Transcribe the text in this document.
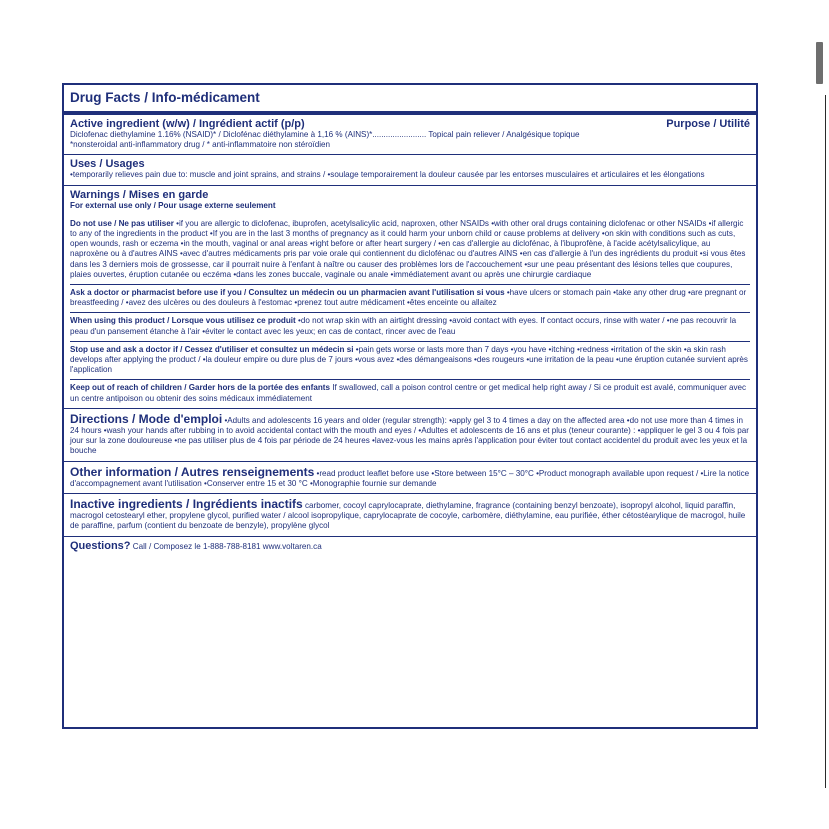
Drug Facts / Info-médicament
Active ingredient (w/w) / Ingrédient actif (p/p)	Purpose / Utilité
Diclofenac diethylamine 1.16% (NSAID)* / Diclofénac diéthylamine à 1,16 % (AINS)*........................ Topical pain reliever / Analgésique topique
*nonsteroidal anti-inflammatory drug / * anti-inflammatoire non stéroïdien
Uses / Usages
•temporarily relieves pain due to: muscle and joint sprains, and strains / •soulage temporairement la douleur causée par les entorses musculaires et articulaires et les élongations
Warnings / Mises en garde
For external use only / Pour usage externe seulement
Do not use / Ne pas utiliser •if you are allergic to diclofenac, ibuprofen, acetylsalicylic acid, naproxen, other NSAIDs •with other oral drugs containing diclofenac or other NSAIDs •if allergic to any of the ingredients in the product •If you are in the last 3 months of pregnancy as it could harm your unborn child or cause problems at delivery •on skin with conditions such as cuts, open wounds, rash or eczema •in the mouth, vaginal or anal areas •right before or after heart surgery / •en cas d'allergie au diclofénac, à l'ibuprofène, à l'acide acétylsalicylique, au naproxène ou à d'autres AINS •avec d'autres médicaments pris par voie orale qui contiennent du diclofénac ou d'autres AINS •en cas d'allergie à l'un des ingrédients du produit •si vous êtes dans les 3 derniers mois de grossesse, car il pourrait nuire à l'enfant à naître ou causer des problèmes lors de l'accouchement •sur une peau présentant des lésions telles que coupures, plaies ouvertes, éruption cutanée ou eczéma •dans les zones buccale, vaginale ou anale •immédiatement avant ou après une chirurgie cardiaque
Ask a doctor or pharmacist before use if you / Consultez un médecin ou un pharmacien avant l'utilisation si vous •have ulcers or stomach pain •take any other drug •are pregnant or breastfeeding / •avez des ulcères ou des douleurs à l'estomac •prenez tout autre médicament •êtes enceinte ou allaitez
When using this product / Lorsque vous utilisez ce produit •do not wrap skin with an airtight dressing •avoid contact with eyes. If contact occurs, rinse with water / •ne pas recouvrir la peau d'un pansement étanche à l'air •éviter le contact avec les yeux; en cas de contact, rincer avec de l'eau
Stop use and ask a doctor if / Cessez d'utiliser et consultez un médecin si •pain gets worse or lasts more than 7 days •you have •itching •redness •irritation of the skin •a skin rash develops after applying the product / •la douleur empire ou dure plus de 7 jours •vous avez •des démangeaisons •des rougeurs •une irritation de la peau •une éruption cutanée survient après l'application
Keep out of reach of children / Garder hors de la portée des enfants If swallowed, call a poison control centre or get medical help right away / Si ce produit est avalé, communiquer avec un centre antipoison ou obtenir des soins médicaux immédiatement
Directions / Mode d'emploi •Adults and adolescents 16 years and older (regular strength): •apply gel 3 to 4 times a day on the affected area •do not use more than 4 times in 24 hours •wash your hands after rubbing in to avoid accidental contact with the mouth and eyes / •Adultes et adolescents de 16 ans et plus (teneur courante) : •appliquer le gel 3 ou 4 fois par jour sur la zone douloureuse •ne pas utiliser plus de 4 fois par période de 24 heures •lavez-vous les mains après l'application pour éviter tout contact accidentel du produit avec les yeux et la bouche
Other information / Autres renseignements •read product leaflet before use •Store between 15°C – 30°C •Product monograph available upon request / •Lire la notice d'accompagnement avant l'utilisation •Conserver entre 15 et 30 °C •Monographie fournie sur demande
Inactive ingredients / Ingrédients inactifs carbomer, cocoyl caprylocaprate, diethylamine, fragrance (containing benzyl benzoate), isopropyl alcohol, liquid paraffin, macrogol cetostearyl ether, propylene glycol, purified water / alcool isopropylique, caprylocaprate de cocoyle, carbomère, diéthylamine, eau purifiée, éther cétostéarylique de macrogol, huile de paraffine, parfum (contient du benzoate de benzyle), propylène glycol
Questions? Call / Composez le 1-888-788-8181 www.voltaren.ca
